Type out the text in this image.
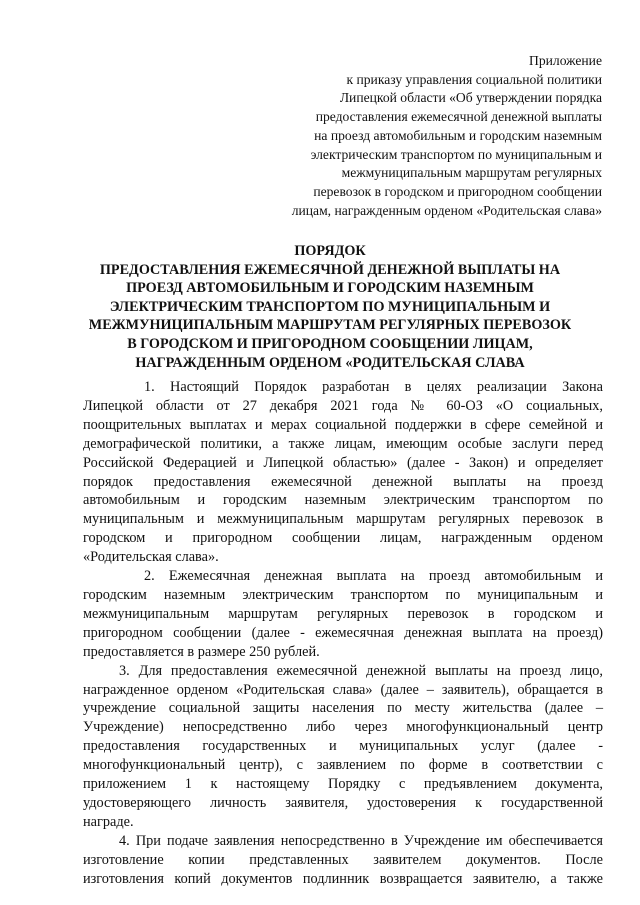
Приложение
к приказу управления социальной политики
Липецкой области «Об утверждении порядка
предоставления ежемесячной денежной выплаты
на проезд автомобильным и городским наземным
электрическим транспортом по муниципальным и
межмуниципальным маршрутам регулярных
перевозок в городском и пригородном сообщении
лицам, награжденным орденом «Родительская слава»
ПОРЯДОК
ПРЕДОСТАВЛЕНИЯ ЕЖЕМЕСЯЧНОЙ ДЕНЕЖНОЙ ВЫПЛАТЫ НА
ПРОЕЗД АВТОМОБИЛЬНЫМ И ГОРОДСКИМ НАЗЕМНЫМ
ЭЛЕКТРИЧЕСКИМ ТРАНСПОРТОМ ПО МУНИЦИПАЛЬНЫМ И
МЕЖМУНИЦИПАЛЬНЫМ МАРШРУТАМ РЕГУЛЯРНЫХ ПЕРЕВОЗОК
В ГОРОДСКОМ И ПРИГОРОДНОМ СООБЩЕНИИ ЛИЦАМ,
НАГРАЖДЕННЫМ ОРДЕНОМ «РОДИТЕЛЬСКАЯ СЛАВА
1. Настоящий Порядок разработан в целях реализации Закона
Липецкой области от 27 декабря 2021 года № 60-ОЗ «О социальных,
поощрительных выплатах и мерах социальной поддержки в сфере семейной и
демографической политики, а также лицам, имеющим особые заслуги перед
Российской Федерацией и Липецкой областью» (далее - Закон) и определяет
порядок предоставления ежемесячной денежной выплаты на проезд
автомобильным и городским наземным электрическим транспортом по
муниципальным и межмуниципальным маршрутам регулярных перевозок в
городском и пригородном сообщении лицам, награжденным орденом
«Родительская слава».
2. Ежемесячная денежная выплата на проезд автомобильным и
городским наземным электрическим транспортом по муниципальным и
межмуниципальным маршрутам регулярных перевозок в городском и
пригородном сообщении (далее - ежемесячная денежная выплата на проезд)
предоставляется в размере 250 рублей.
3. Для предоставления ежемесячной денежной выплаты на проезд лицо,
награжденное орденом «Родительская слава» (далее – заявитель), обращается в
учреждение социальной защиты населения по месту жительства (далее –
Учреждение) непосредственно либо через многофункциональный центр
предоставления государственных и муниципальных услуг (далее -
многофункциональный центр), с заявлением по форме в соответствии с
приложением 1 к настоящему Порядку с предъявлением документа,
удостоверяющего личность заявителя, удостоверения к государственной
награде.
4. При подаче заявления непосредственно в Учреждение им обеспечивается
изготовление копии представленных заявителем документов. После
изготовления копий документов подлинник возвращается заявителю, а также
